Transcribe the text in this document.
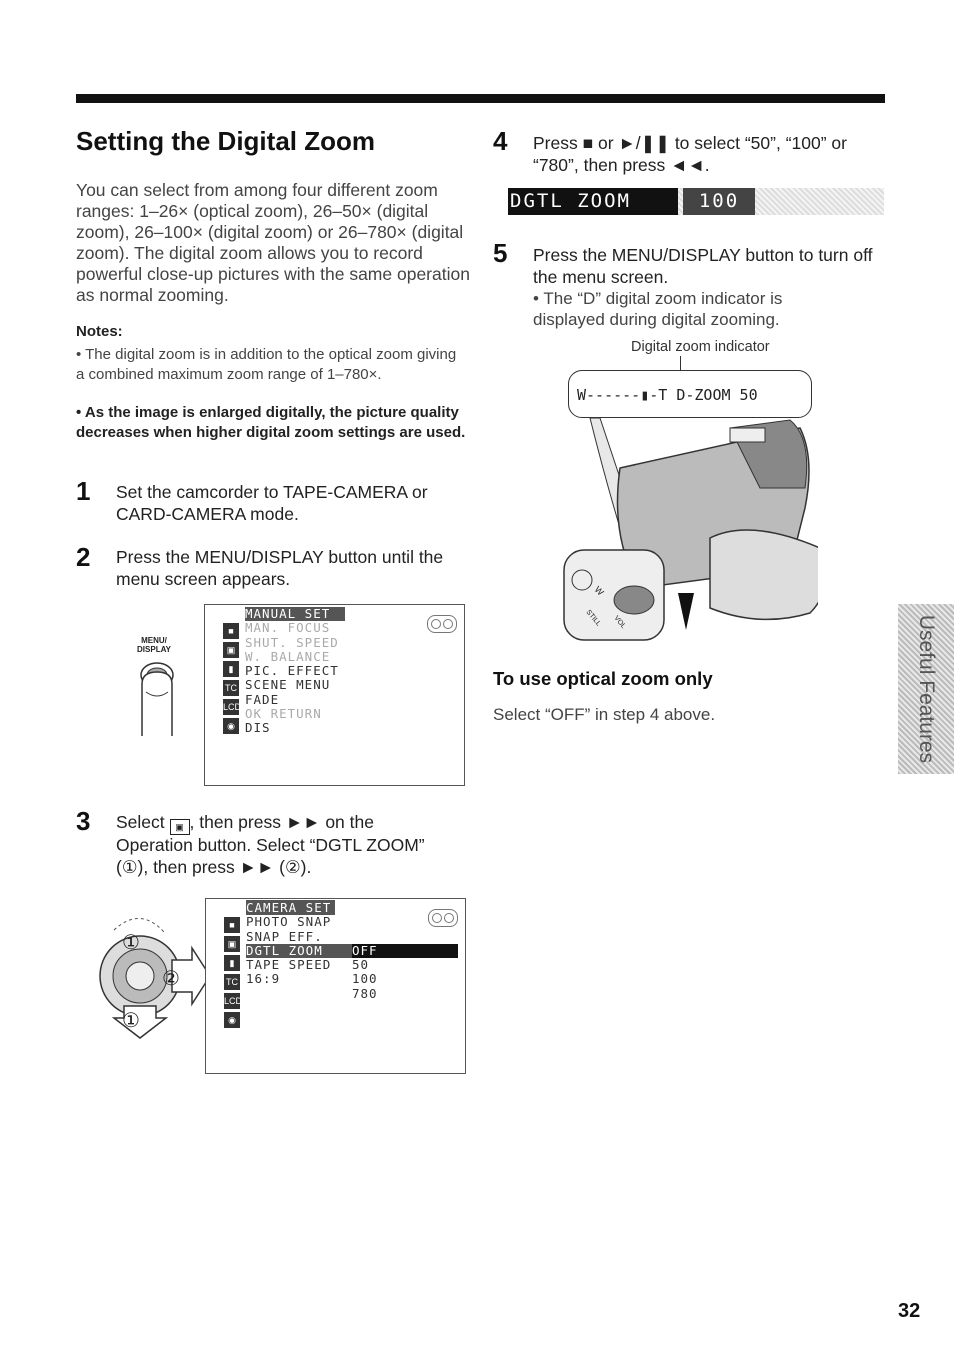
Setting the Digital Zoom
You can select from among four different zoom ranges: 1–26× (optical zoom), 26–50× (digital zoom), 26–100× (digital zoom) or 26–780× (digital zoom). The digital zoom allows you to record powerful close-up pictures with the same operation as normal zooming.
Notes:
• The digital zoom is in addition to the optical zoom giving a combined maximum zoom range of 1–780×.
• As the image is enlarged digitally, the picture quality decreases when higher digital zoom settings are used.
1 Set the camcorder to TAPE-CAMERA or CARD-CAMERA mode.
2 Press the MENU/DISPLAY button until the menu screen appears.
MENU/
DISPLAY
■
▣
▮
TC
LCD
◉
MANUAL SET
MAN. FOCUS
SHUT. SPEED
W. BALANCE
PIC. EFFECT
SCENE MENU
FADE
OK RETURN
DIS
3 Select ▣ , then press ►► on the
Operation button. Select “DGTL ZOOM”
(①), then press ►► (②).
①
②
①
■
▣
▮
TC
LCD
◉
CAMERA SET
PHOTO SNAP
SNAP EFF.
DGTL ZOOM OFF
TAPE SPEED 50
16:9	100
780
4 Press ■ or ►/❚❚ to select “50”, “100” or “780”, then press ◄◄.
DGTL ZOOM	100
5 Press the MENU/DISPLAY button to turn off the menu screen.
• The “D” digital zoom indicator is displayed during digital zooming.
Digital zoom indicator
W
STILL VOL
W------▮-T D-ZOOM 50
To use optical zoom only
Select “OFF” in step 4 above.	Useful Features
32
